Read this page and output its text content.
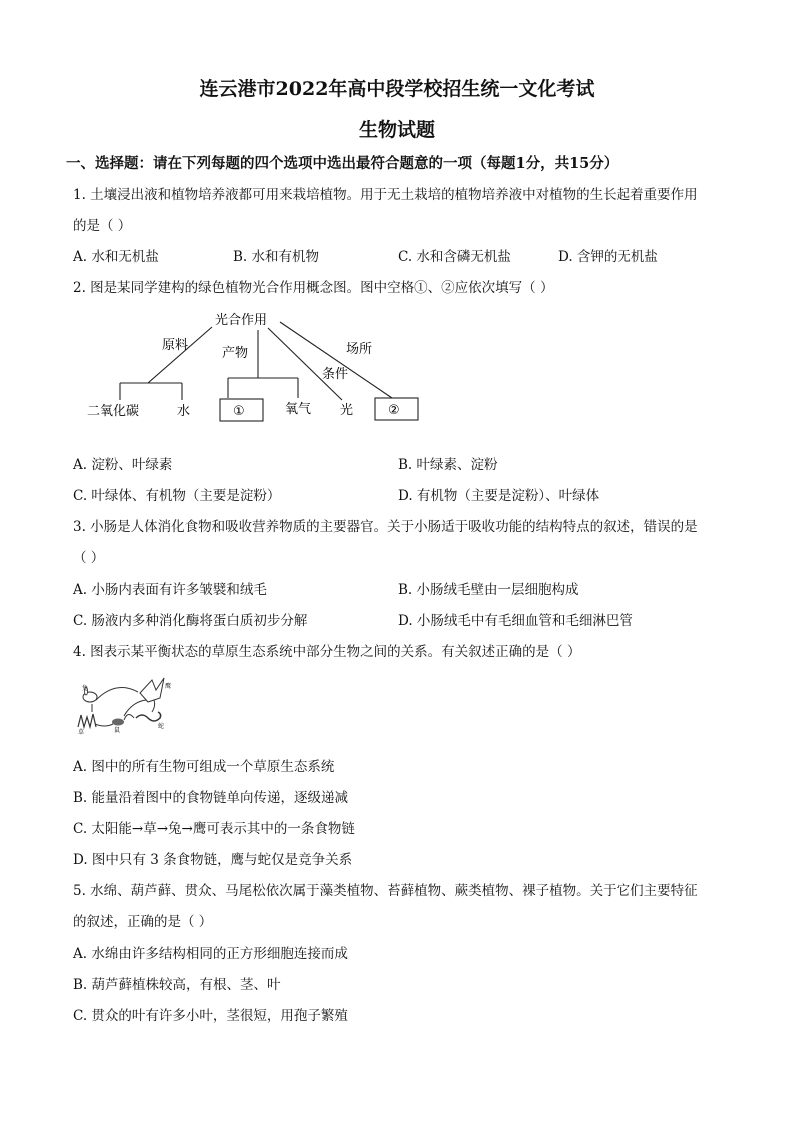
连云港市2022年高中段学校招生统一文化考试
生物试题
一、选择题：请在下列每题的四个选项中选出最符合题意的一项（每题1分，共15分）
1. 土壤浸出液和植物培养液都可用来栽培植物。用于无土栽培的植物培养液中对植物的生长起着重要作用
的是（ ）
A. 水和无机盐	B. 水和有机物	C. 水和含磷无机盐	D. 含钾的无机盐
2. 图是某同学建构的绿色植物光合作用概念图。图中空格①、②应依次填写（ ）
光合作用
原料
产物
条件
场所
二氧化碳	水	①	氧气 光	②
兔	鹰
草	鼠
蛇
A. 淀粉、叶绿素	B. 叶绿素、淀粉
C. 叶绿体、有机物（主要是淀粉）	D. 有机物（主要是淀粉）、叶绿体
3. 小肠是人体消化食物和吸收营养物质的主要器官。关于小肠适于吸收功能的结构特点的叙述，错误的是
（ ）
A. 小肠内表面有许多皱襞和绒毛	B. 小肠绒毛壁由一层细胞构成
C. 肠液内多种消化酶将蛋白质初步分解	D. 小肠绒毛中有毛细血管和毛细淋巴管
4. 图表示某平衡状态的草原生态系统中部分生物之间的关系。有关叙述正确的是（ ）
A. 图中的所有生物可组成一个草原生态系统
B. 能量沿着图中的食物链单向传递，逐级递减
C. 太阳能→草→兔→鹰可表示其中的一条食物链
D. 图中只有 3 条食物链，鹰与蛇仅是竞争关系
5. 水绵、葫芦藓、贯众、马尾松依次属于藻类植物、苔藓植物、蕨类植物、裸子植物。关于它们主要特征
的叙述，正确的是（ ）
A. 水绵由许多结构相同的正方形细胞连接而成
B. 葫芦藓植株较高，有根、茎、叶
C. 贯众的叶有许多小叶，茎很短，用孢子繁殖
